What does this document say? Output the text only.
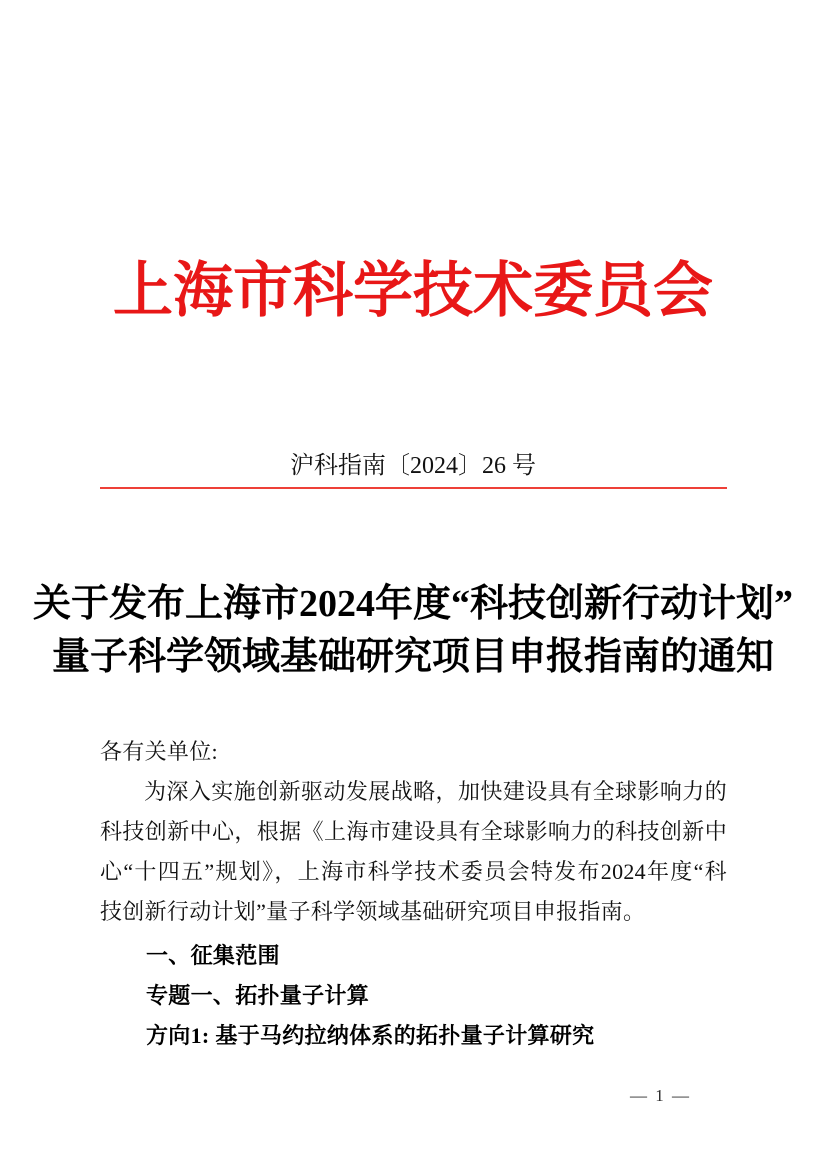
上海市科学技术委员会
沪科指南〔2024〕26 号
关于发布上海市2024年度“科技创新行动计划”
量子科学领域基础研究项目申报指南的通知
各有关单位:
为深入实施创新驱动发展战略，加快建设具有全球影响力的
科技创新中心，根据《上海市建设具有全球影响力的科技创新中
心“十四五”规划》，上海市科学技术委员会特发布2024年度“科
技创新行动计划”量子科学领域基础研究项目申报指南。
一、征集范围
专题一、拓扑量子计算
方向1: 基于马约拉纳体系的拓扑量子计算研究
— 1 —
